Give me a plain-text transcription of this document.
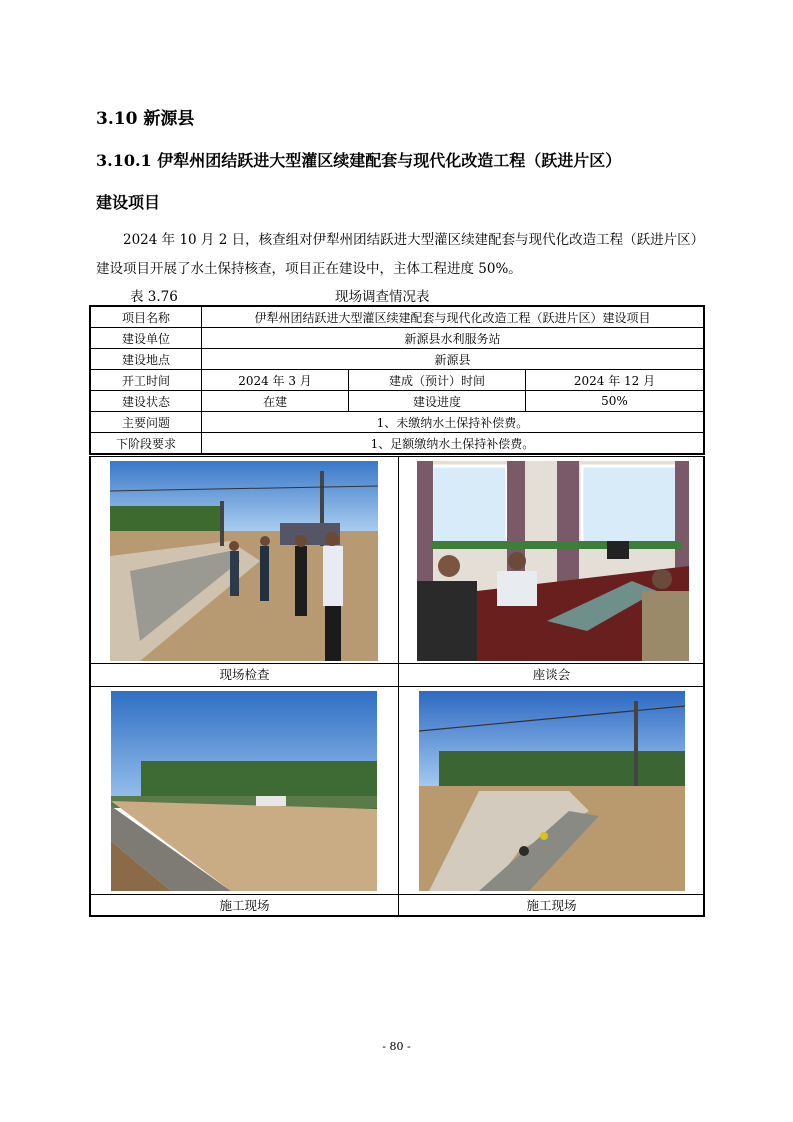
3.10 新源县
3.10.1 伊犁州团结跃进大型灌区续建配套与现代化改造工程（跃进片区）
建设项目
2024 年 10 月 2 日，核查组对伊犁州团结跃进大型灌区续建配套与现代化改造工程（跃进片区）建设项目开展了水土保持核查，项目正在建设中，主体工程进度 50%。
表 3.76	现场调查情况表
项目名称	伊犁州团结跃进大型灌区续建配套与现代化改造工程（跃进片区）建设项目		
建设单位	新源县水利服务站		
建设地点	新源县		
开工时间	2024 年 3 月	建成（预计）时间	2024 年 12 月
建设状态	在建	建设进度	50%
主要问题	1、未缴纳水土保持补偿费。		
下阶段要求	1、足额缴纳水土保持补偿费。		
现场检查	座谈会
施工现场	施工现场
- 80 -
